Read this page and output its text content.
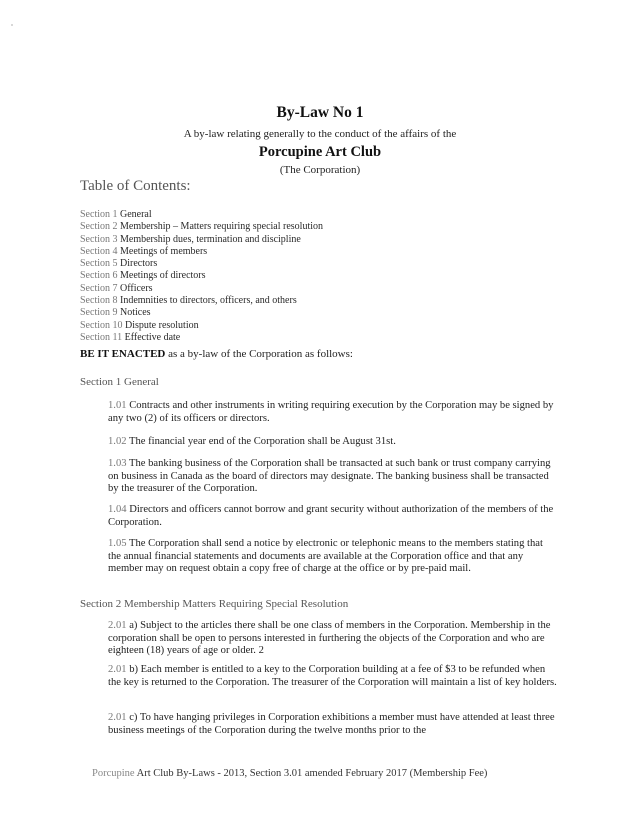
By-Law No 1
A by-law relating generally to the conduct of the affairs of the
Porcupine Art Club
(The Corporation)
Table of Contents:
Section 1 General
Section 2 Membership – Matters requiring special resolution
Section 3 Membership dues, termination and discipline
Section 4 Meetings of members
Section 5 Directors
Section 6 Meetings of directors
Section 7 Officers
Section 8 Indemnities to directors, officers, and others
Section 9 Notices
Section 10 Dispute resolution
Section 11 Effective date
BE IT ENACTED as a by-law of the Corporation as follows:
Section 1 General
1.01 Contracts and other instruments in writing requiring execution by the Corporation may be signed by any two (2) of its officers or directors.
1.02 The financial year end of the Corporation shall be August 31st.
1.03 The banking business of the Corporation shall be transacted at such bank or trust company carrying on business in Canada as the board of directors may designate. The banking business shall be transacted by the treasurer of the Corporation.
1.04 Directors and officers cannot borrow and grant security without authorization of the members of the Corporation.
1.05 The Corporation shall send a notice by electronic or telephonic means to the members stating that the annual financial statements and documents are available at the Corporation office and that any member may on request obtain a copy free of charge at the office or by pre-paid mail.
Section 2 Membership Matters Requiring Special Resolution
2.01 a) Subject to the articles there shall be one class of members in the Corporation. Membership in the corporation shall be open to persons interested in furthering the objects of the Corporation and who are eighteen (18) years of age or older. 2
2.01 b) Each member is entitled to a key to the Corporation building at a fee of $3 to be refunded when the key is returned to the Corporation. The treasurer of the Corporation will maintain a list of key holders.
2.01 c) To have hanging privileges in Corporation exhibitions a member must have attended at least three business meetings of the Corporation during the twelve months prior to the
Porcupine Art Club By-Laws - 2013, Section 3.01 amended February 2017 (Membership Fee)
